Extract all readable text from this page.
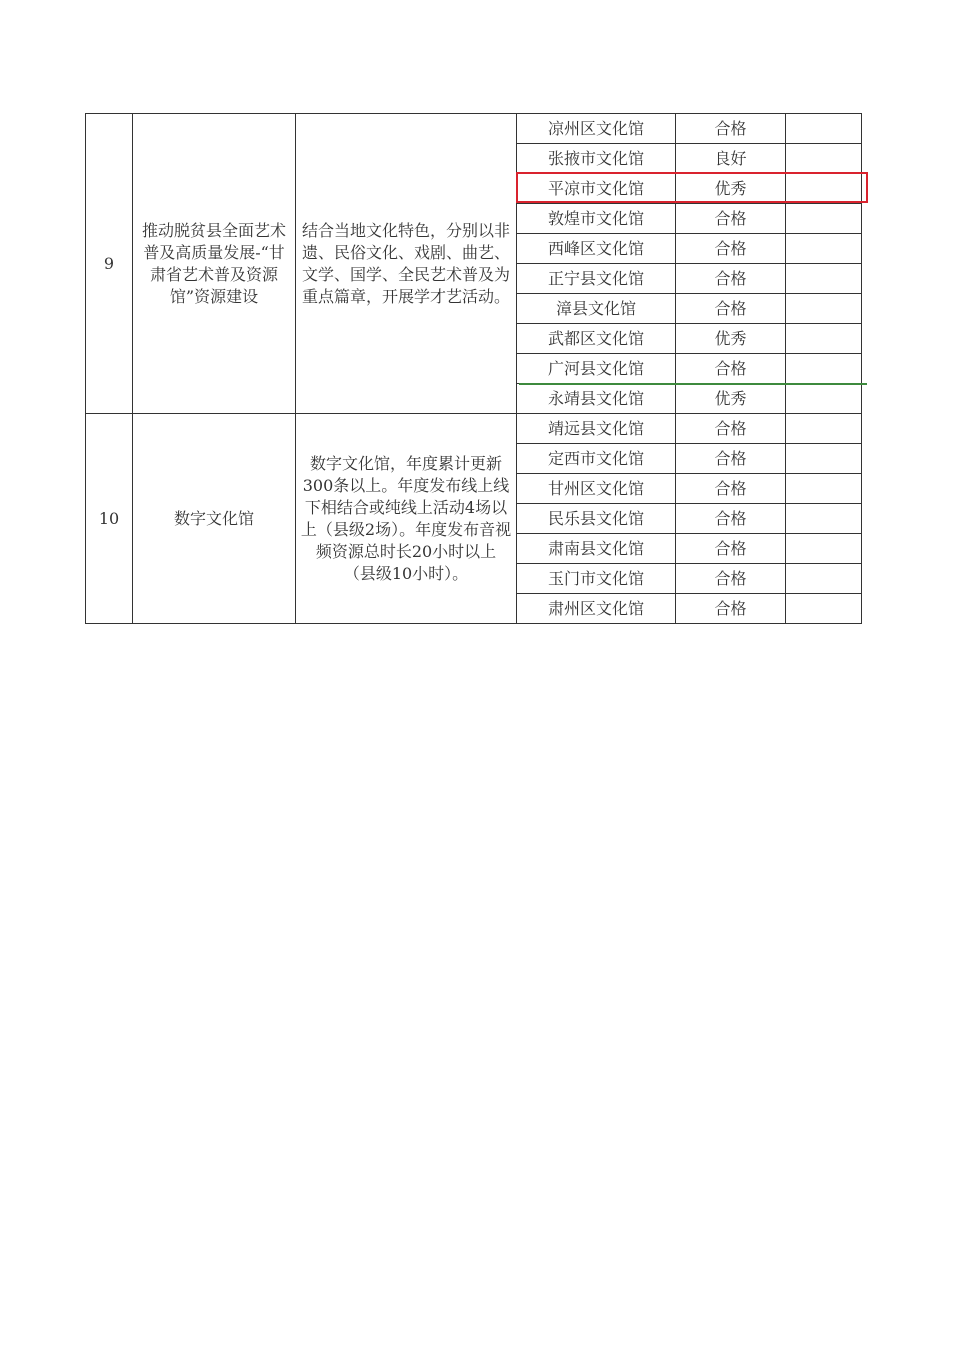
9	推动脱贫县全面艺术普及高质量发展-“甘肃省艺术普及资源馆”资源建设	结合当地文化特色，分别以非遗、民俗文化、戏剧、曲艺、文学、国学、全民艺术普及为重点篇章，开展学才艺活动。	凉州区文化馆	合格	
			张掖市文化馆	良好	
			平凉市文化馆	优秀	
			敦煌市文化馆	合格	
			西峰区文化馆	合格	
			正宁县文化馆	合格	
			漳县文化馆	合格	
			武都区文化馆	优秀	
			广河县文化馆	合格	
			永靖县文化馆	优秀	
10	数字文化馆	数字文化馆，年度累计更新300条以上。年度发布线上线下相结合或纯线上活动4场以上（县级2场）。年度发布音视频资源总时长20小时以上（县级10小时）。	靖远县文化馆	合格	
			定西市文化馆	合格	
			甘州区文化馆	合格	
			民乐县文化馆	合格	
			肃南县文化馆	合格	
			玉门市文化馆	合格	
			肃州区文化馆	合格	
